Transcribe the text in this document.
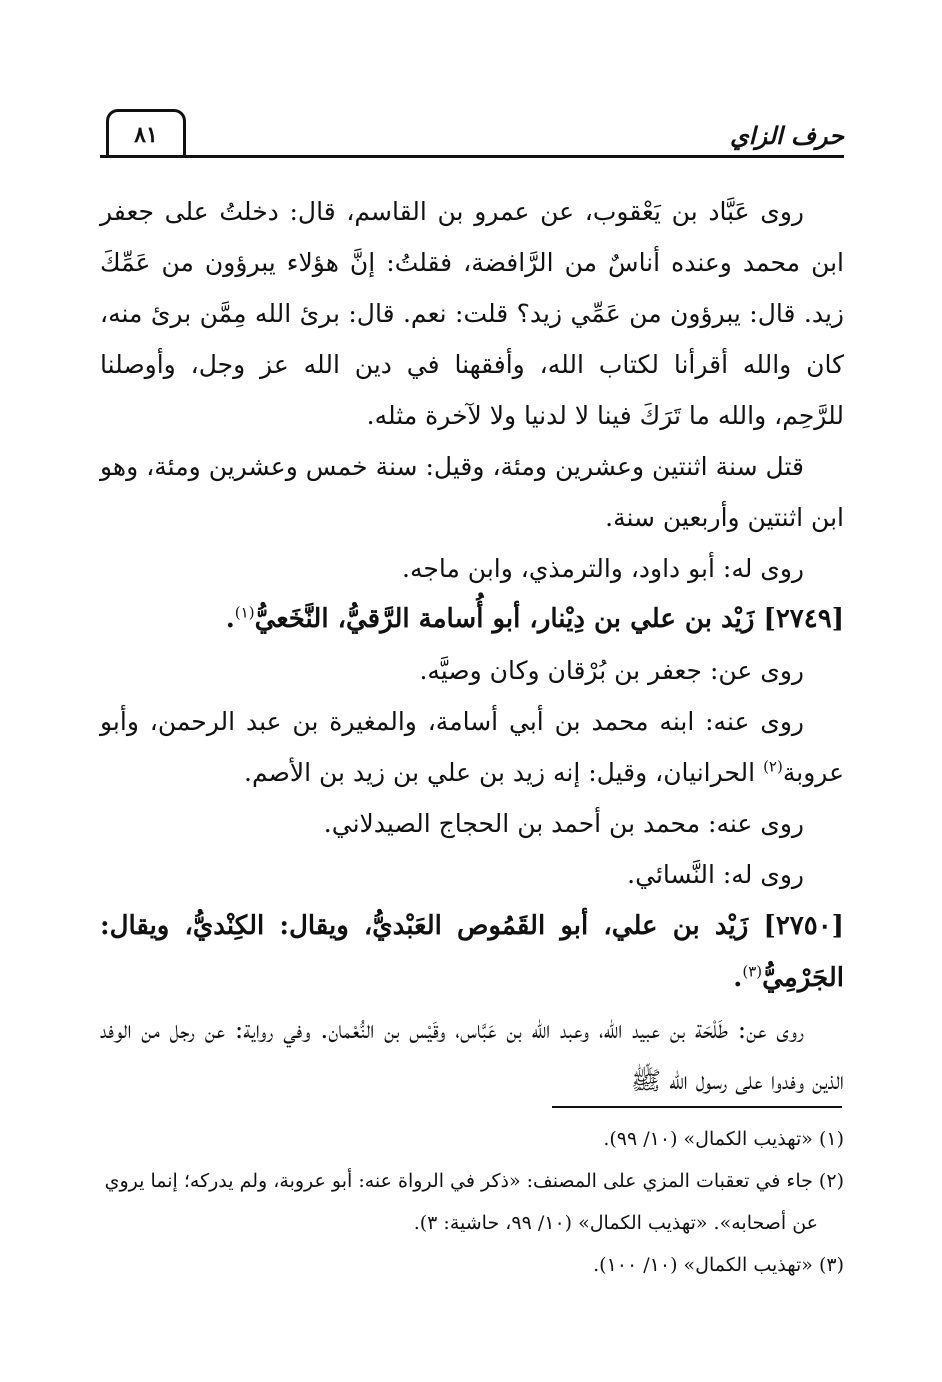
حرف الزاي
٨١

روى عَبَّاد بن يَعْقوب، عن عمرو بن القاسم، قال: دخلتُ على جعفر ابن محمد وعنده أناسٌ من الرَّافضة، فقلتُ: إنَّ هؤلاء يبرؤون من عَمِّكَ زيد. قال: يبرؤون من عَمِّي زيد؟ قلت: نعم. قال: برئ الله مِمَّن برئ منه، كان والله أقرأنا لكتاب الله، وأفقهنا في دين الله عز وجل، وأوصلنا للرَّحِم، والله ما تَرَكَ فينا لا لدنيا ولا لآخرة مثله.

قتل سنة اثنتين وعشرين ومئة، وقيل: سنة خمس وعشرين ومئة، وهو ابن اثنتين وأربعين سنة.

روى له: أبو داود، والترمذي، وابن ماجه.

[٢٧٤٩] زَيْد بن علي بن دِيْنار، أبو أُسامة الرَّقيُّ، النَّخَعيُّ$^{(١)}$.

روى عن: جعفر بن بُرْقان وكان وصيَّه.

روى عنه: ابنه محمد بن أبي أسامة، والمغيرة بن عبد الرحمن، وأبو عروبة$^{(٢)}$ الحرانيان، وقيل: إنه زيد بن علي بن زيد بن الأصم.

روى عنه: محمد بن أحمد بن الحجاج الصيدلاني.

روى له: النَّسائي.

[٢٧٥٠] زَيْد بن علي، أبو القَمُوص العَبْديُّ، ويقال: الكِنْديُّ، ويقال: الجَرْمِيُّ$^{(٣)}$.

روى عن: طَلْحَة بن عبيد الله، وعبد الله بن عَبَّاس، وقَيْس بن النُّعْمان. وفي رواية: عن رجل من الوفد الذين وفدوا على رسول الله ﷺ

(١) «تهذيب الكمال» (١٠/ ٩٩).

(٢) جاء في تعقبات المزي على المصنف: «ذكر في الرواة عنه: أبو عروبة، ولم يدركه؛ إنما يروي
عن أصحابه». «تهذيب الكمال» (١٠/ ٩٩، حاشية: ٣).

(٣) «تهذيب الكمال» (١٠/ ١٠٠).
